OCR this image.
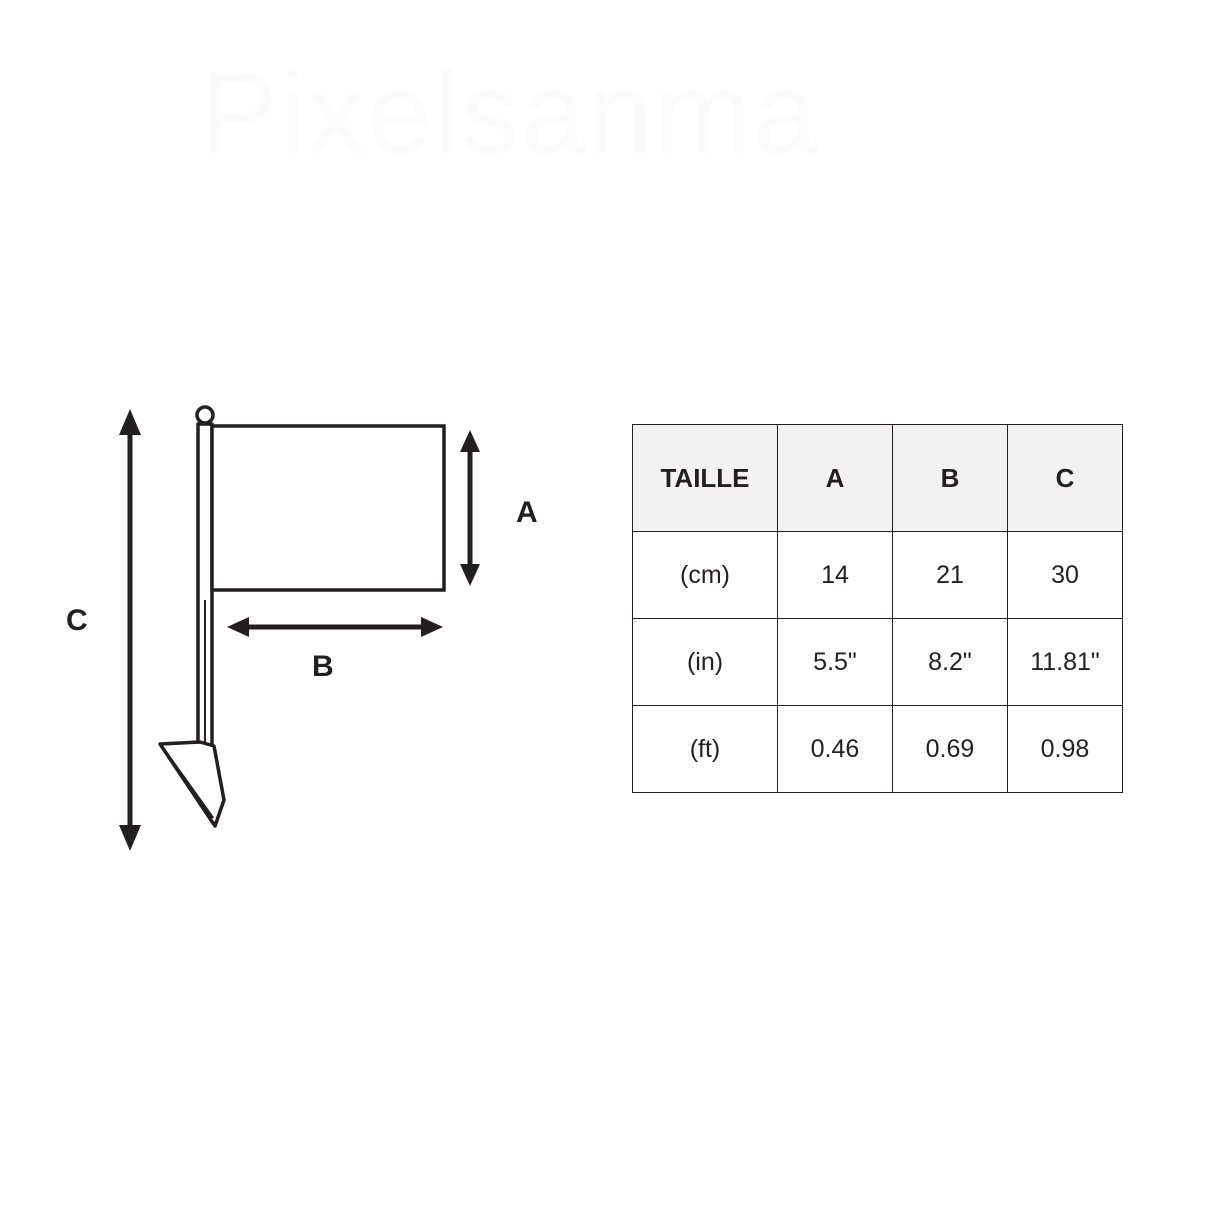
Pixelsanma
A
B
C
TAILLE	A	B	C
(cm)	14	21	30
(in)	5.5"	8.2"	11.81"
(ft)	0.46	0.69	0.98
